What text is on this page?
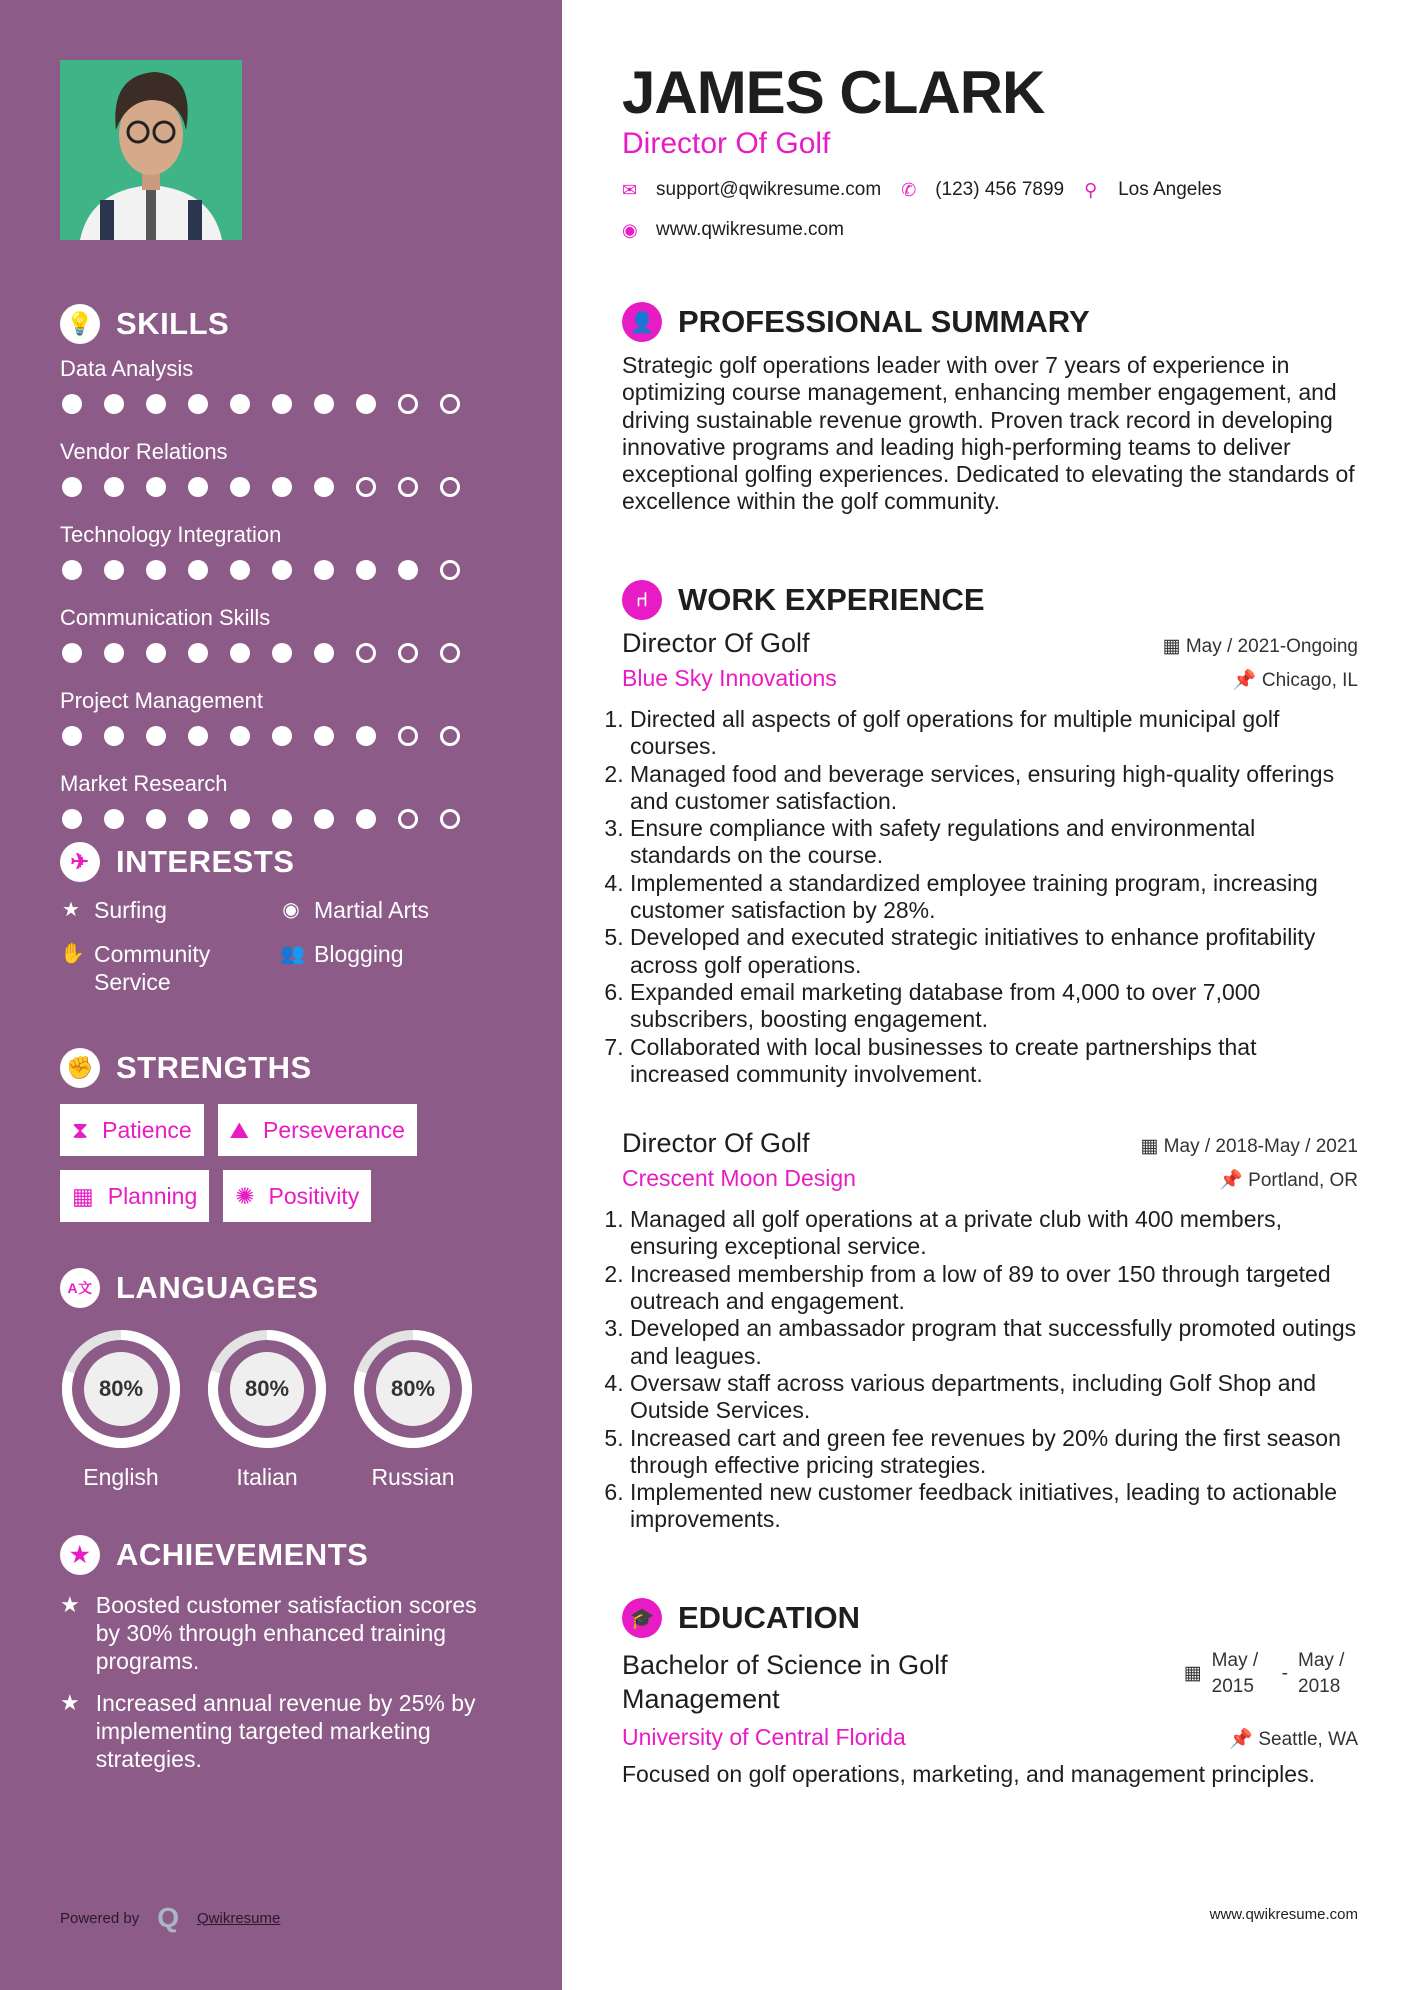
💡 SKILLS
Data Analysis
Vendor Relations
Technology Integration
Communication Skills
Project Management
Market Research
✈ INTERESTS
★ Surfing	◉ Martial Arts
✋ Community Service
👥 Blogging
✊ STRENGTHS
⧗ Patience ⛰ Perseverance
▦ Planning ✺ Positivity
A文 LANGUAGES
80%
English
80%
Italian
80%
Russian
★ ACHIEVEMENTS
★ Boosted customer satisfaction scores by 30% through enhanced training programs.
★ Increased annual revenue by 25% by implementing targeted marketing strategies.
Powered by Q Qwikresume
JAMES CLARK
Director Of Golf
✉ support@qwikresume.com ✆ (123) 456 7899 ⚲	Los Angeles
◉ www.qwikresume.com
👤 PROFESSIONAL SUMMARY
Strategic golf operations leader with over 7 years of experience in optimizing course management, enhancing member engagement, and driving sustainable revenue growth. Proven track record in developing innovative programs and leading high-performing teams to deliver exceptional golfing experiences. Dedicated to elevating the standards of excellence within the golf community.
⑁ WORK EXPERIENCE
Director Of Golf	▦ May / 2021-Ongoing
Blue Sky Innovations	📌 Chicago, IL
1. Directed all aspects of golf operations for multiple municipal golf courses.
2. Managed food and beverage services, ensuring high-quality offerings and customer satisfaction.
3. Ensure compliance with safety regulations and environmental standards on the course.
4. Implemented a standardized employee training program, increasing customer satisfaction by 28%.
5. Developed and executed strategic initiatives to enhance profitability across golf operations.
6. Expanded email marketing database from 4,000 to over 7,000 subscribers, boosting engagement.
7. Collaborated with local businesses to create partnerships that increased community involvement.
Director Of Golf	▦ May / 2018-May / 2021
Crescent Moon Design	📌 Portland, OR
1. Managed all golf operations at a private club with 400 members, ensuring exceptional service.
2. Increased membership from a low of 89 to over 150 through targeted outreach and engagement.
3. Developed an ambassador program that successfully promoted outings and leagues.
4. Oversaw staff across various departments, including Golf Shop and Outside Services.
5. Increased cart and green fee revenues by 20% during the first season through effective pricing strategies.
6. Implemented new customer feedback initiatives, leading to actionable improvements.
🎓 EDUCATION
Bachelor of Science in Golf Management
▦
May / 2015
-
May / 2018
University of Central Florida	📌 Seattle, WA
Focused on golf operations, marketing, and management principles.
www.qwikresume.com
